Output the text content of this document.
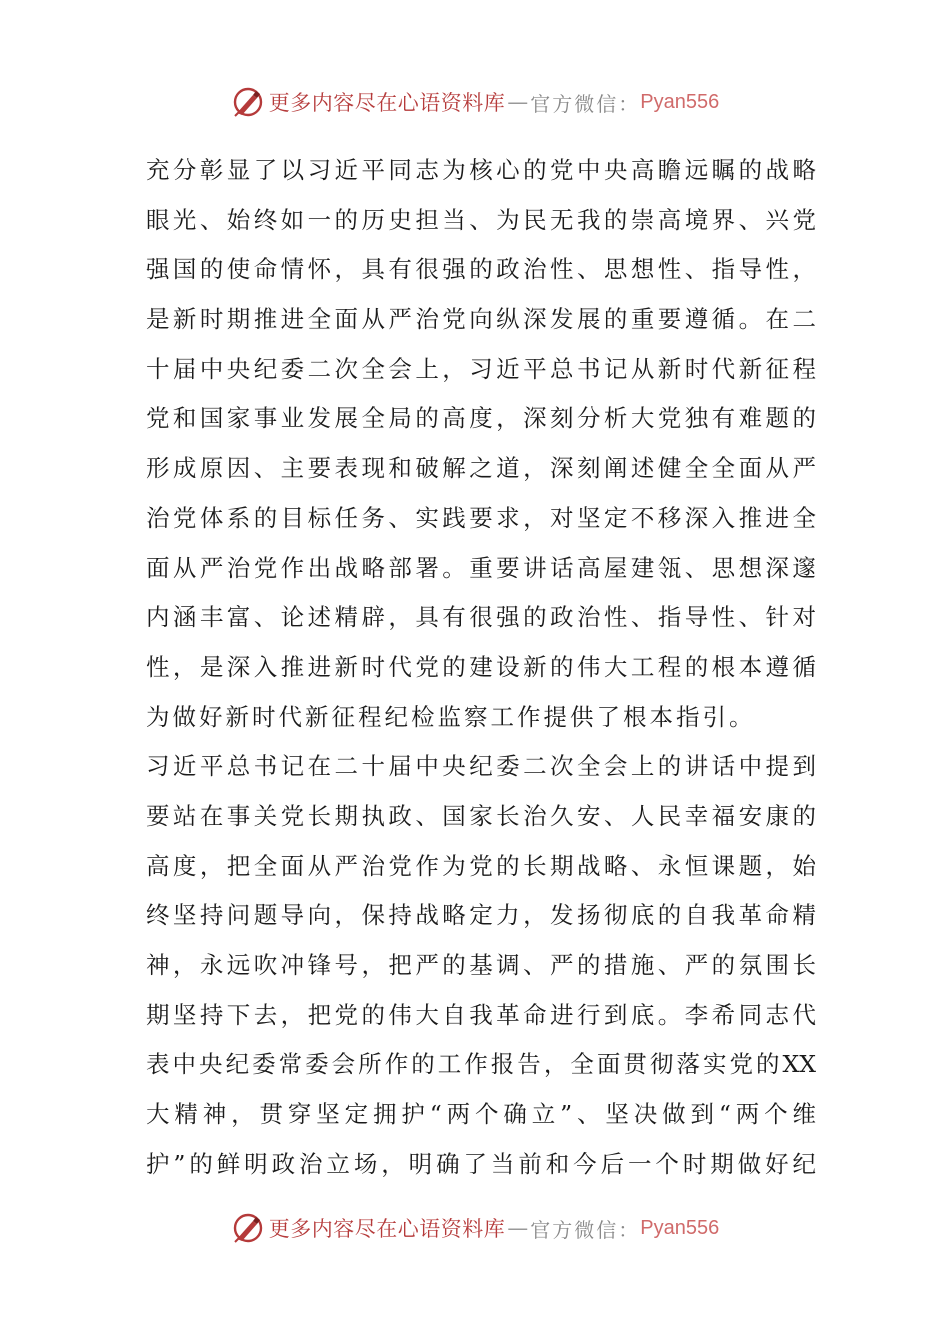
更多内容尽在心语资料库 — 官方微信： Pyan556
充分彰显了以习近平同志为核心的党中央高瞻远瞩的战略
眼光、始终如一的历史担当、为民无我的崇高境界、兴党
强国的使命情怀，具有很强的政治性、思想性、指导性，
是新时期推进全面从严治党向纵深发展的重要遵循。在二
十届中央纪委二次全会上，习近平总书记从新时代新征程
党和国家事业发展全局的高度，深刻分析大党独有难题的
形成原因、主要表现和破解之道，深刻阐述健全全面从严
治党体系的目标任务、实践要求，对坚定不移深入推进全
面从严治党作出战略部署。重要讲话高屋建瓴、思想深邃
内涵丰富、论述精辟，具有很强的政治性、指导性、针对
性，是深入推进新时代党的建设新的伟大工程的根本遵循
为做好新时代新征程纪检监察工作提供了根本指引。
习近平总书记在二十届中央纪委二次全会上的讲话中提到
要站在事关党长期执政、国家长治久安、人民幸福安康的
高度，把全面从严治党作为党的长期战略、永恒课题，始
终坚持问题导向，保持战略定力，发扬彻底的自我革命精
神，永远吹冲锋号，把严的基调、严的措施、严的氛围长
期坚持下去，把党的伟大自我革命进行到底。李希同志代
表中央纪委常委会所作的工作报告，全面贯彻落实党的XX
大精神，贯穿坚定拥护“两个确立”、坚决做到“两个维
护”的鲜明政治立场，明确了当前和今后一个时期做好纪
更多内容尽在心语资料库 — 官方微信： Pyan556
